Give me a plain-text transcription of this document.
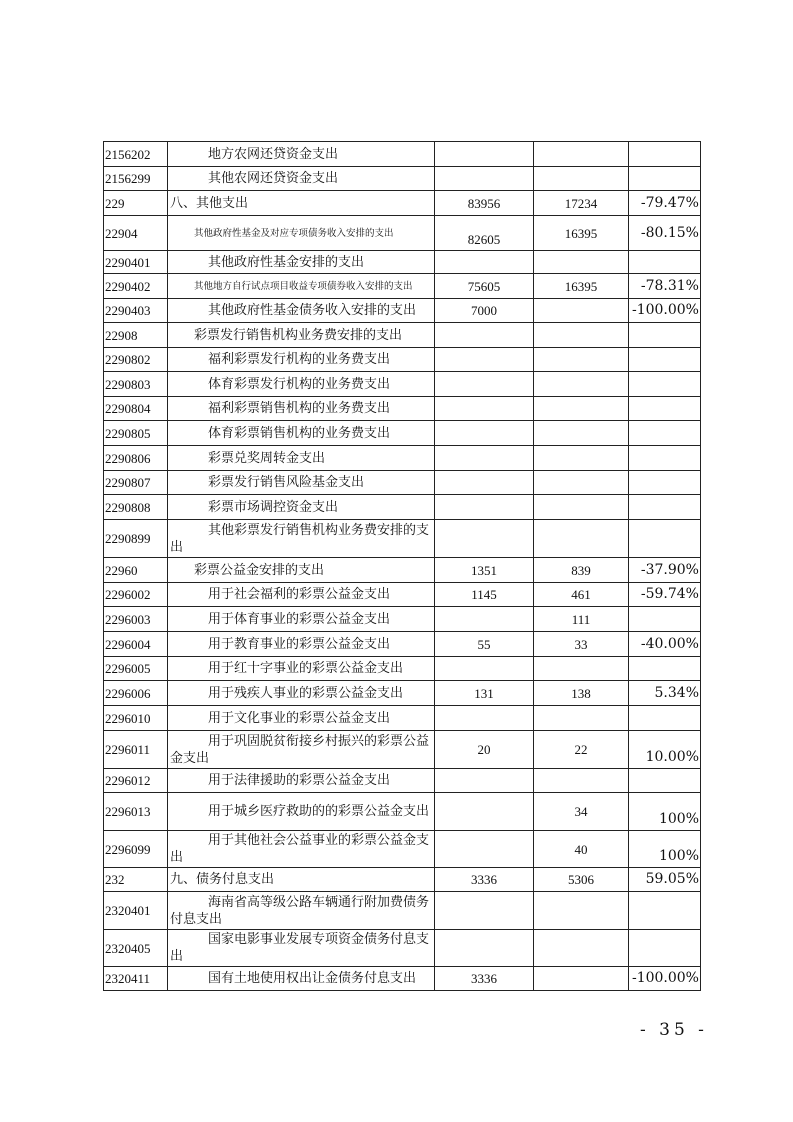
2156202	地方农网还贷资金支出			
2156299	其他农网还贷资金支出			
229	八、其他支出	83956	17234	-79.47%
22904	其他政府性基金及对应专项债务收入安排的支出	82605	16395	-80.15%
2290401	其他政府性基金安排的支出			
2290402	其他地方自行试点项目收益专项债券收入安排的支出	75605	16395	-78.31%
2290403	其他政府性基金债务收入安排的支出	7000		-100.00%
22908	彩票发行销售机构业务费安排的支出			
2290802	福利彩票发行机构的业务费支出			
2290803	体育彩票发行机构的业务费支出			
2290804	福利彩票销售机构的业务费支出			
2290805	体育彩票销售机构的业务费支出			
2290806	彩票兑奖周转金支出			
2290807	彩票发行销售风险基金支出			
2290808	彩票市场调控资金支出			
2290899	其他彩票发行销售机构业务费安排的支出			
22960	彩票公益金安排的支出	1351	839	-37.90%
2296002	用于社会福利的彩票公益金支出	1145	461	-59.74%
2296003	用于体育事业的彩票公益金支出		111	
2296004	用于教育事业的彩票公益金支出	55	33	-40.00%
2296005	用于红十字事业的彩票公益金支出			
2296006	用于残疾人事业的彩票公益金支出	131	138	5.34%
2296010	用于文化事业的彩票公益金支出			
2296011	用于巩固脱贫衔接乡村振兴的彩票公益金支出	20	22	10.00%
2296012	用于法律援助的彩票公益金支出			
2296013	用于城乡医疗救助的的彩票公益金支出		34	100%
2296099	用于其他社会公益事业的彩票公益金支出		40	100%
232	九、债务付息支出	3336	5306	59.05%
2320401	海南省高等级公路车辆通行附加费债务付息支出			
2320405	国家电影事业发展专项资金债务付息支出			
2320411	国有土地使用权出让金债务付息支出	3336		-100.00%
- 35 -
